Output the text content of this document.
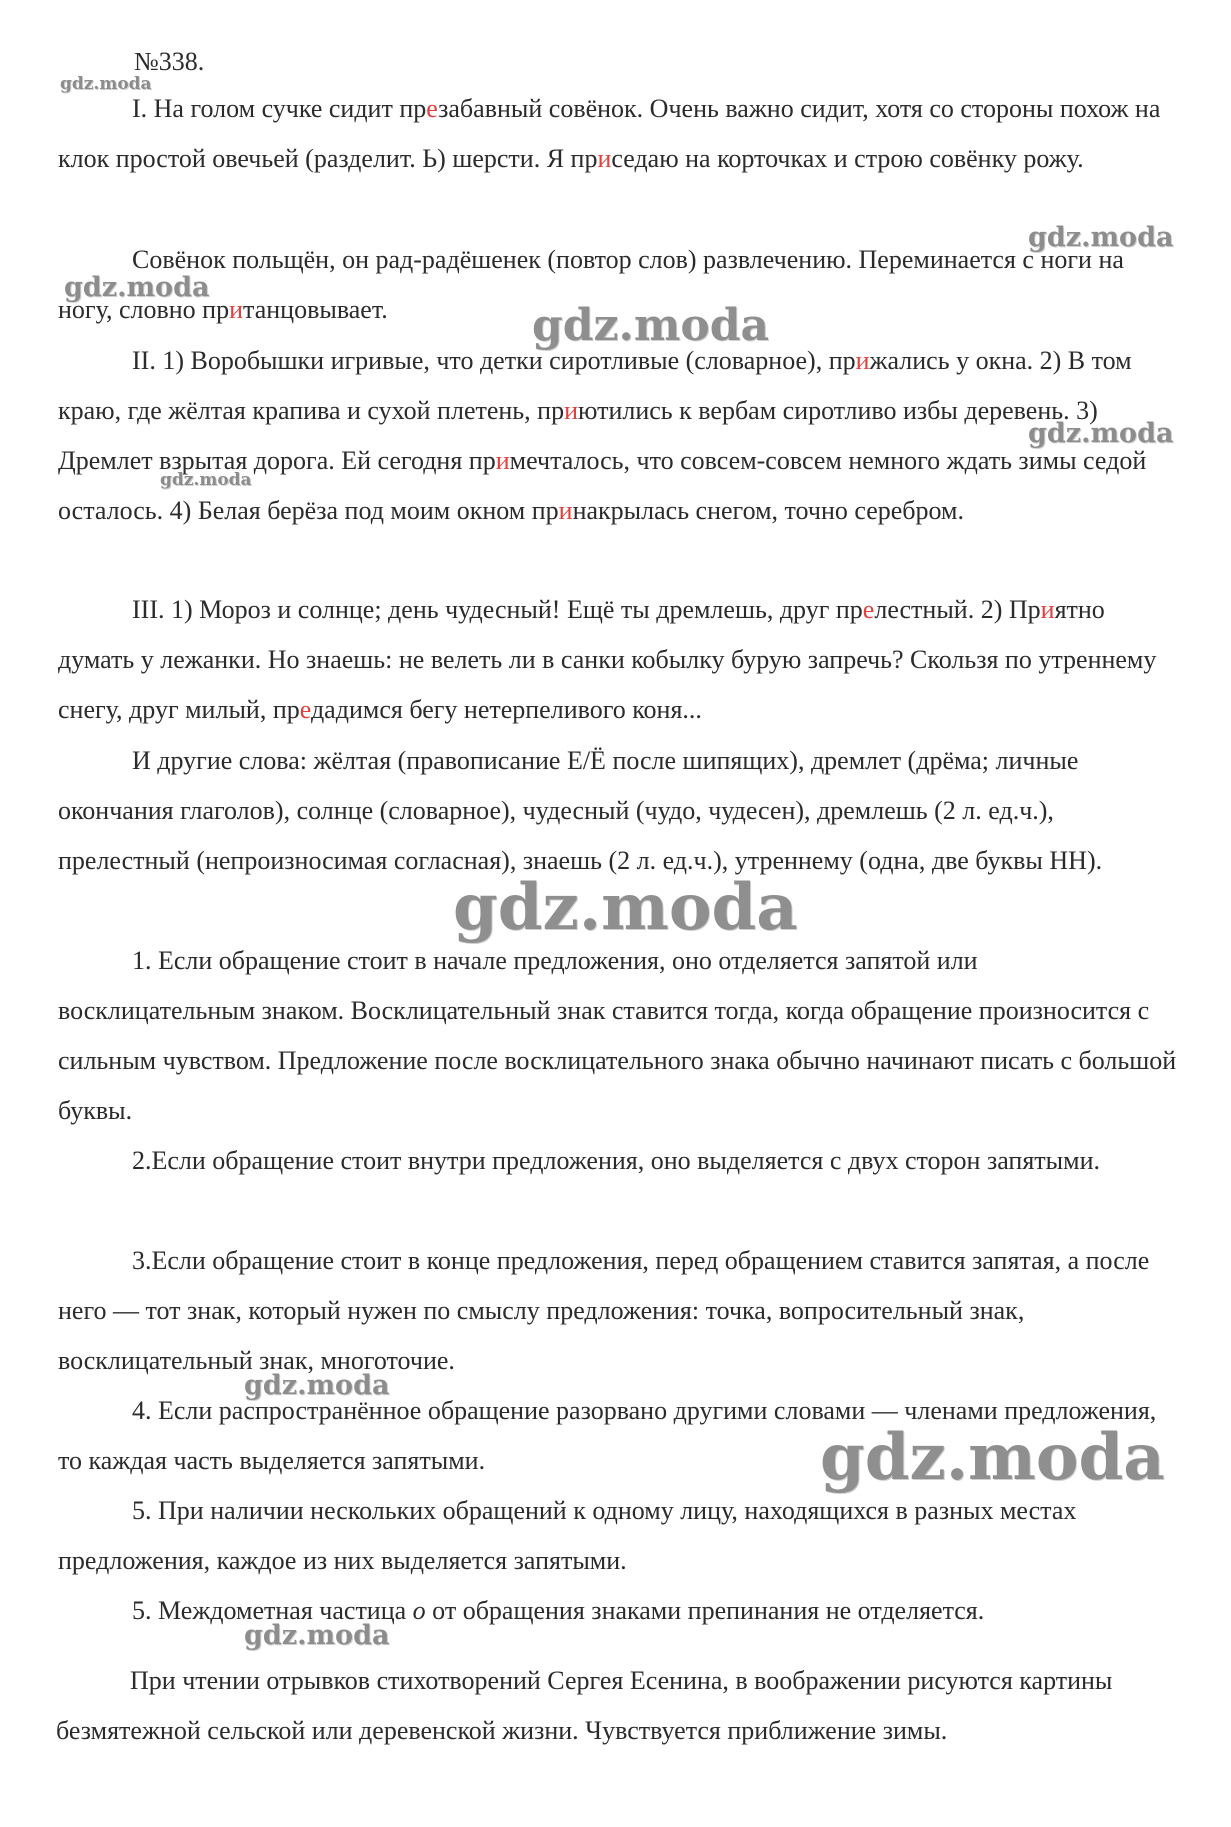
№338.
I. На голом сучке сидит презабавный совёнок. Очень важно сидит, хотя со стороны похож на клок простой овечьей (разделит. Ь) шерсти. Я приседаю на корточках и строю совёнку рожу.
Совёнок польщён, он рад-радёшенек (повтор слов) развлечению. Переминается с ноги на ногу, словно пританцовывает.
II. 1) Воробышки игривые, что детки сиротливые (словарное), прижались у окна. 2) В том краю, где жёлтая крапива и сухой плетень, приютились к вербам сиротливо избы деревень. 3) Дремлет взрытая дорога. Ей сегодня примечталось, что совсем-совсем немного ждать зимы седой осталось. 4) Белая берёза под моим окном принакрылась снегом, точно серебром.
III. 1) Мороз и солнце; день чудесный! Ещё ты дремлешь, друг прелестный. 2) Приятно думать у лежанки. Но знаешь: не велеть ли в санки кобылку бурую запречь? Скользя по утреннему снегу, друг милый, предадимся бегу нетерпеливого коня...
И другие слова: жёлтая (правописание Е/Ё после шипящих), дремлет (дрёма; личные окончания глаголов), солнце (словарное), чудесный (чудо, чудесен), дремлешь (2 л. ед.ч.), прелестный (непроизносимая согласная), знаешь (2 л. ед.ч.), утреннему (одна, две буквы НН).
1. Если обращение стоит в начале предложения, оно отделяется запятой или восклицательным знаком. Восклицательный знак ставится тогда, когда обращение произносится с сильным чувством. Предложение после восклицательного знака обычно начинают писать с большой буквы.
2.Если обращение стоит внутри предложения, оно выделяется с двух сторон запятыми.
3.Если обращение стоит в конце предложения, перед обращением ставится запятая, а после него — тот знак, который нужен по смыслу предложения: точка, вопросительный знак, восклицательный знак, многоточие.
4. Если распространённое обращение разорвано другими словами — членами предложения, то каждая часть выделяется запятыми.
5. При наличии нескольких обращений к одному лицу, находящихся в разных местах предложения, каждое из них выделяется запятыми.
5. Междометная частица о от обращения знаками препинания не отделяется.
При чтении отрывков стихотворений Сергея Есенина, в воображении рисуются картины безмятежной сельской или деревенской жизни. Чувствуется приближение зимы.
gdz.moda
gdz.moda
gdz.moda
gdz.moda
gdz.moda
gdz.moda
gdz.moda
gdz.moda
gdz.moda
gdz.moda
